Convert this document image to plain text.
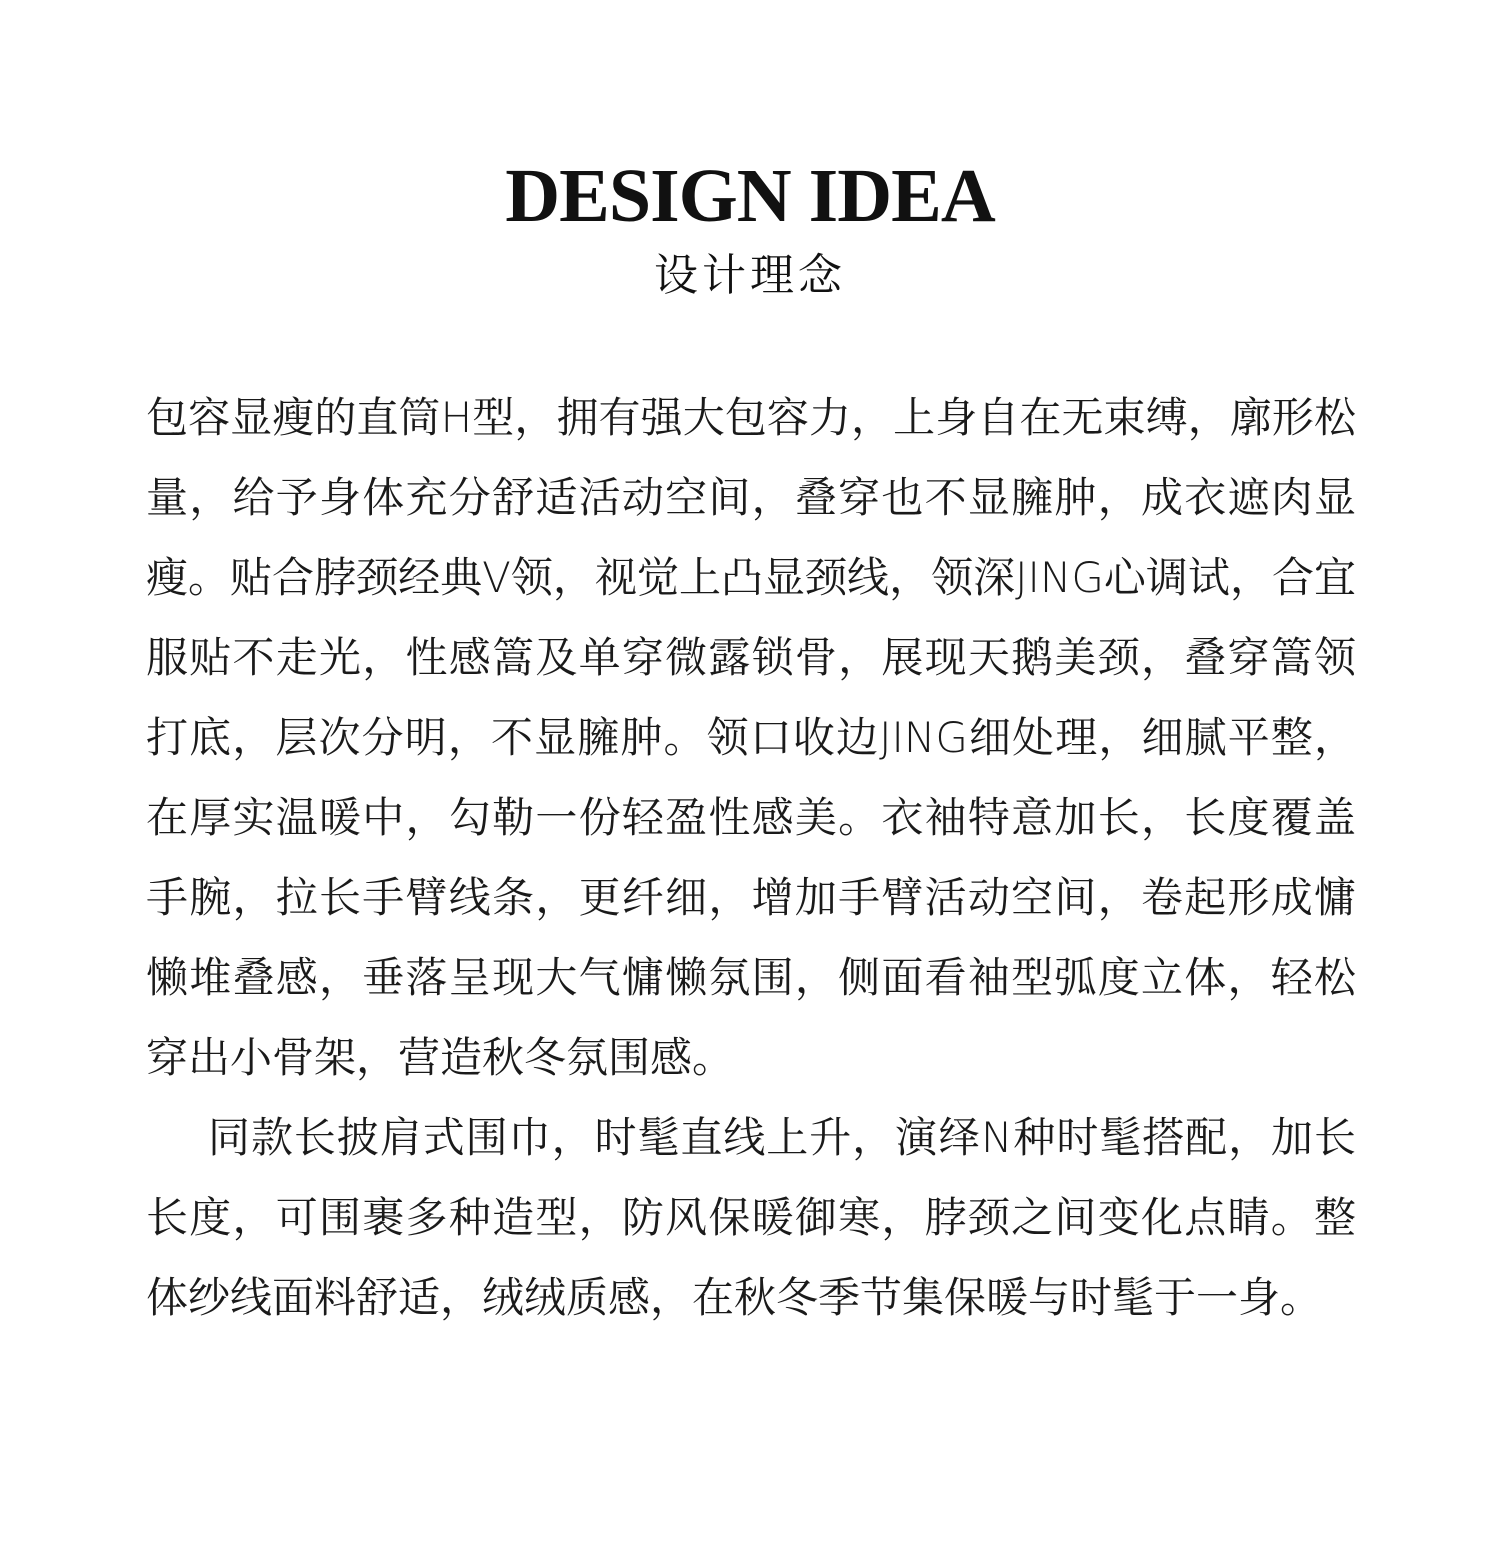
DESIGN IDEA
设计理念

包容显瘦的直筒H型，拥有强大包容力，上身自在无束缚，廓形松量，给予身体充分舒适活动空间，叠穿也不显臃肿，成衣遮肉显瘦。贴合脖颈经典V领，视觉上凸显颈线，领深JING心调试，合宜服贴不走光，性感篙及单穿微露锁骨，展现天鹅美颈，叠穿篙领打底，层次分明，不显臃肿。领口收边JING细处理，细腻平整，在厚实温暖中，勾勒一份轻盈性感美。衣袖特意加长，长度覆盖手腕，拉长手臂线条，更纤细，增加手臂活动空间，卷起形成慵懒堆叠感，垂落呈现大气慵懒氛围，侧面看袖型弧度立体，轻松穿出小骨架，营造秋冬氛围感。

同款长披肩式围巾，时髦直线上升，演绎N种时髦搭配，加长长度，可围裹多种造型，防风保暖御寒，脖颈之间变化点睛。整体纱线面料舒适，绒绒质感，在秋冬季节集保暖与时髦于一身。
